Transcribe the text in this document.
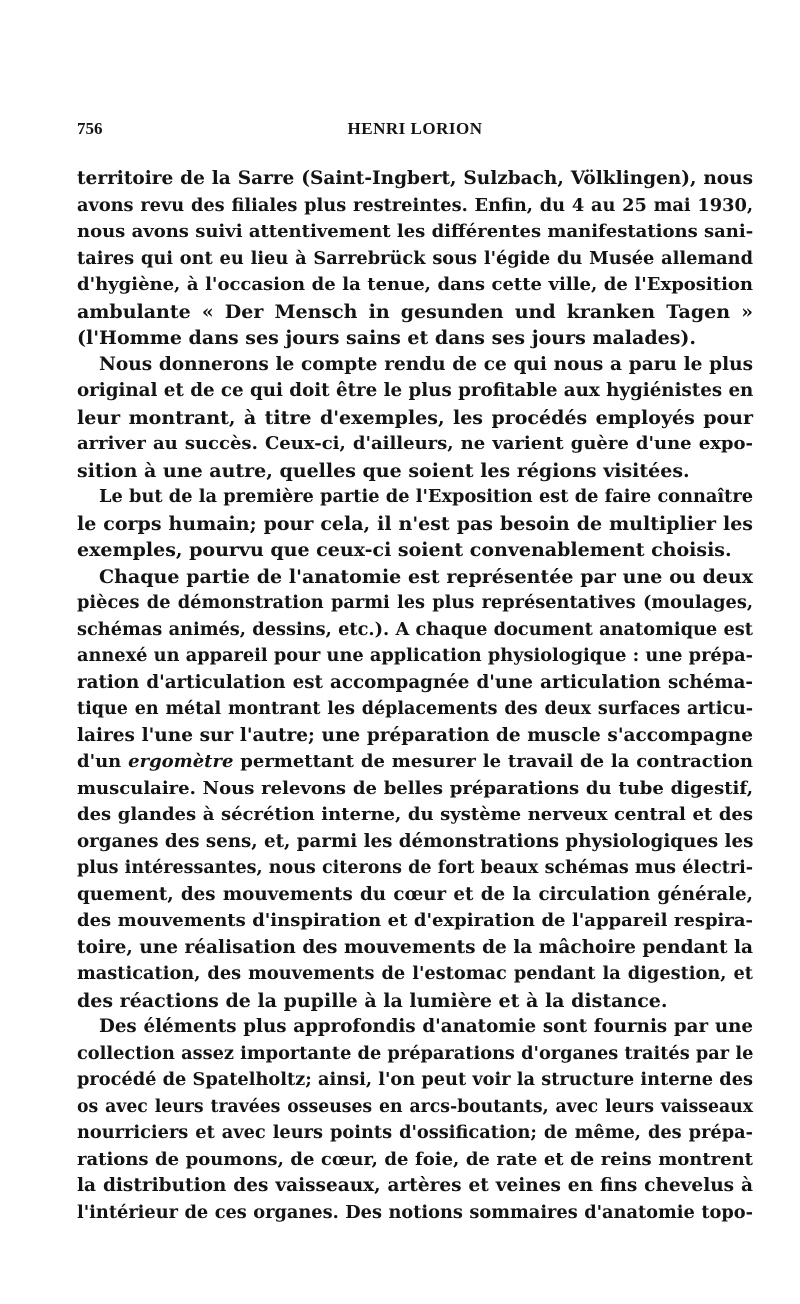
756	HENRI LORION
territoire de la Sarre (Saint-Ingbert, Sulzbach, Völklingen), nous
avons revu des filiales plus restreintes. Enfin, du 4 au 25 mai 1930,
nous avons suivi attentivement les différentes manifestations sani-
taires qui ont eu lieu à Sarrebrück sous l'égide du Musée allemand
d'hygiène, à l'occasion de la tenue, dans cette ville, de l'Exposition
ambulante « Der Mensch in gesunden und kranken Tagen »
(l'Homme dans ses jours sains et dans ses jours malades).
Nous donnerons le compte rendu de ce qui nous a paru le plus
original et de ce qui doit être le plus profitable aux hygiénistes en
leur montrant, à titre d'exemples, les procédés employés pour
arriver au succès. Ceux-ci, d'ailleurs, ne varient guère d'une expo-
sition à une autre, quelles que soient les régions visitées.
Le but de la première partie de l'Exposition est de faire connaître
le corps humain; pour cela, il n'est pas besoin de multiplier les
exemples, pourvu que ceux-ci soient convenablement choisis.
Chaque partie de l'anatomie est représentée par une ou deux
pièces de démonstration parmi les plus représentatives (moulages,
schémas animés, dessins, etc.). A chaque document anatomique est
annexé un appareil pour une application physiologique : une prépa-
ration d'articulation est accompagnée d'une articulation schéma-
tique en métal montrant les déplacements des deux surfaces articu-
laires l'une sur l'autre; une préparation de muscle s'accompagne
d'un ergomètre permettant de mesurer le travail de la contraction
musculaire. Nous relevons de belles préparations du tube digestif,
des glandes à sécrétion interne, du système nerveux central et des
organes des sens, et, parmi les démonstrations physiologiques les
plus intéressantes, nous citerons de fort beaux schémas mus électri-
quement, des mouvements du cœur et de la circulation générale,
des mouvements d'inspiration et d'expiration de l'appareil respira-
toire, une réalisation des mouvements de la mâchoire pendant la
mastication, des mouvements de l'estomac pendant la digestion, et
des réactions de la pupille à la lumière et à la distance.
Des éléments plus approfondis d'anatomie sont fournis par une
collection assez importante de préparations d'organes traités par le
procédé de Spatelholtz; ainsi, l'on peut voir la structure interne des
os avec leurs travées osseuses en arcs-boutants, avec leurs vaisseaux
nourriciers et avec leurs points d'ossification; de même, des prépa-
rations de poumons, de cœur, de foie, de rate et de reins montrent
la distribution des vaisseaux, artères et veines en fins chevelus à
l'intérieur de ces organes. Des notions sommaires d'anatomie topo-
